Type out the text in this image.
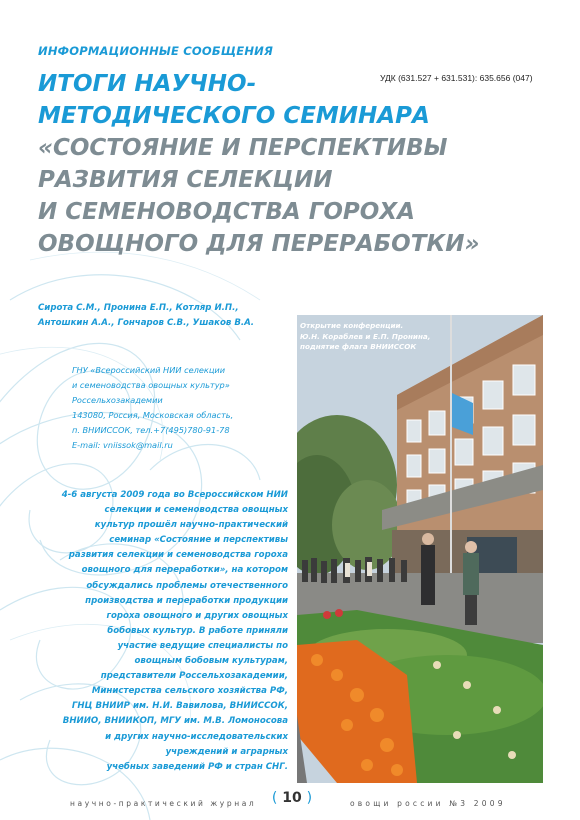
ИНФОРМАЦИОННЫЕ СООБЩЕНИЯ
УДК (631.527 + 631.531): 635.656 (047)
ИТОГИ НАУЧНО-
МЕТОДИЧЕСКОГО СЕМИНАРА
«СОСТОЯНИЕ И ПЕРСПЕКТИВЫ
РАЗВИТИЯ СЕЛЕКЦИИ
И СЕМЕНОВОДСТВА ГОРОХА
ОВОЩНОГО ДЛЯ ПЕРЕРАБОТКИ»
Сирота С.М., Пронина Е.П., Котляр И.П.,
Антошкин А.А., Гончаров С.В., Ушаков В.А.
ГНУ «Всероссийский НИИ селекции
и семеноводства овощных культур»
Россельхозакадемии
143080, Россия, Московская область,
п. ВНИИССОК, тел.+7(495)780-91-78
E-mail: vniissok@mail.ru
4-6 августа 2009 года во Всероссийском НИИ
селекции и семеноводства овощных
культур прошёл научно-практический
семинар «Состояние и перспективы
развития селекции и семеноводства гороха
овощного для переработки», на котором
обсуждались проблемы отечественного
производства и переработки продукции
гороха овощного и других овощных
бобовых культур. В работе приняли
участие ведущие специалисты по
овощным бобовым культурам,
представители Россельхозакадемии,
Министерства сельского хозяйства РФ,
ГНЦ ВНИИР им. Н.И. Вавилова, ВНИИССОК,
ВНИИО, ВНИИКОП, МГУ им. М.В. Ломоносова
и других научно-исследовательских
учреждений и аграрных
учебных заведений РФ и стран СНГ.
Открытие конференции.
Ю.Н. Кораблев и Е.П. Пронина,
поднятие флага ВНИИССОК
научно-практический журнал	( 10 )	овощи россии №3 2009
